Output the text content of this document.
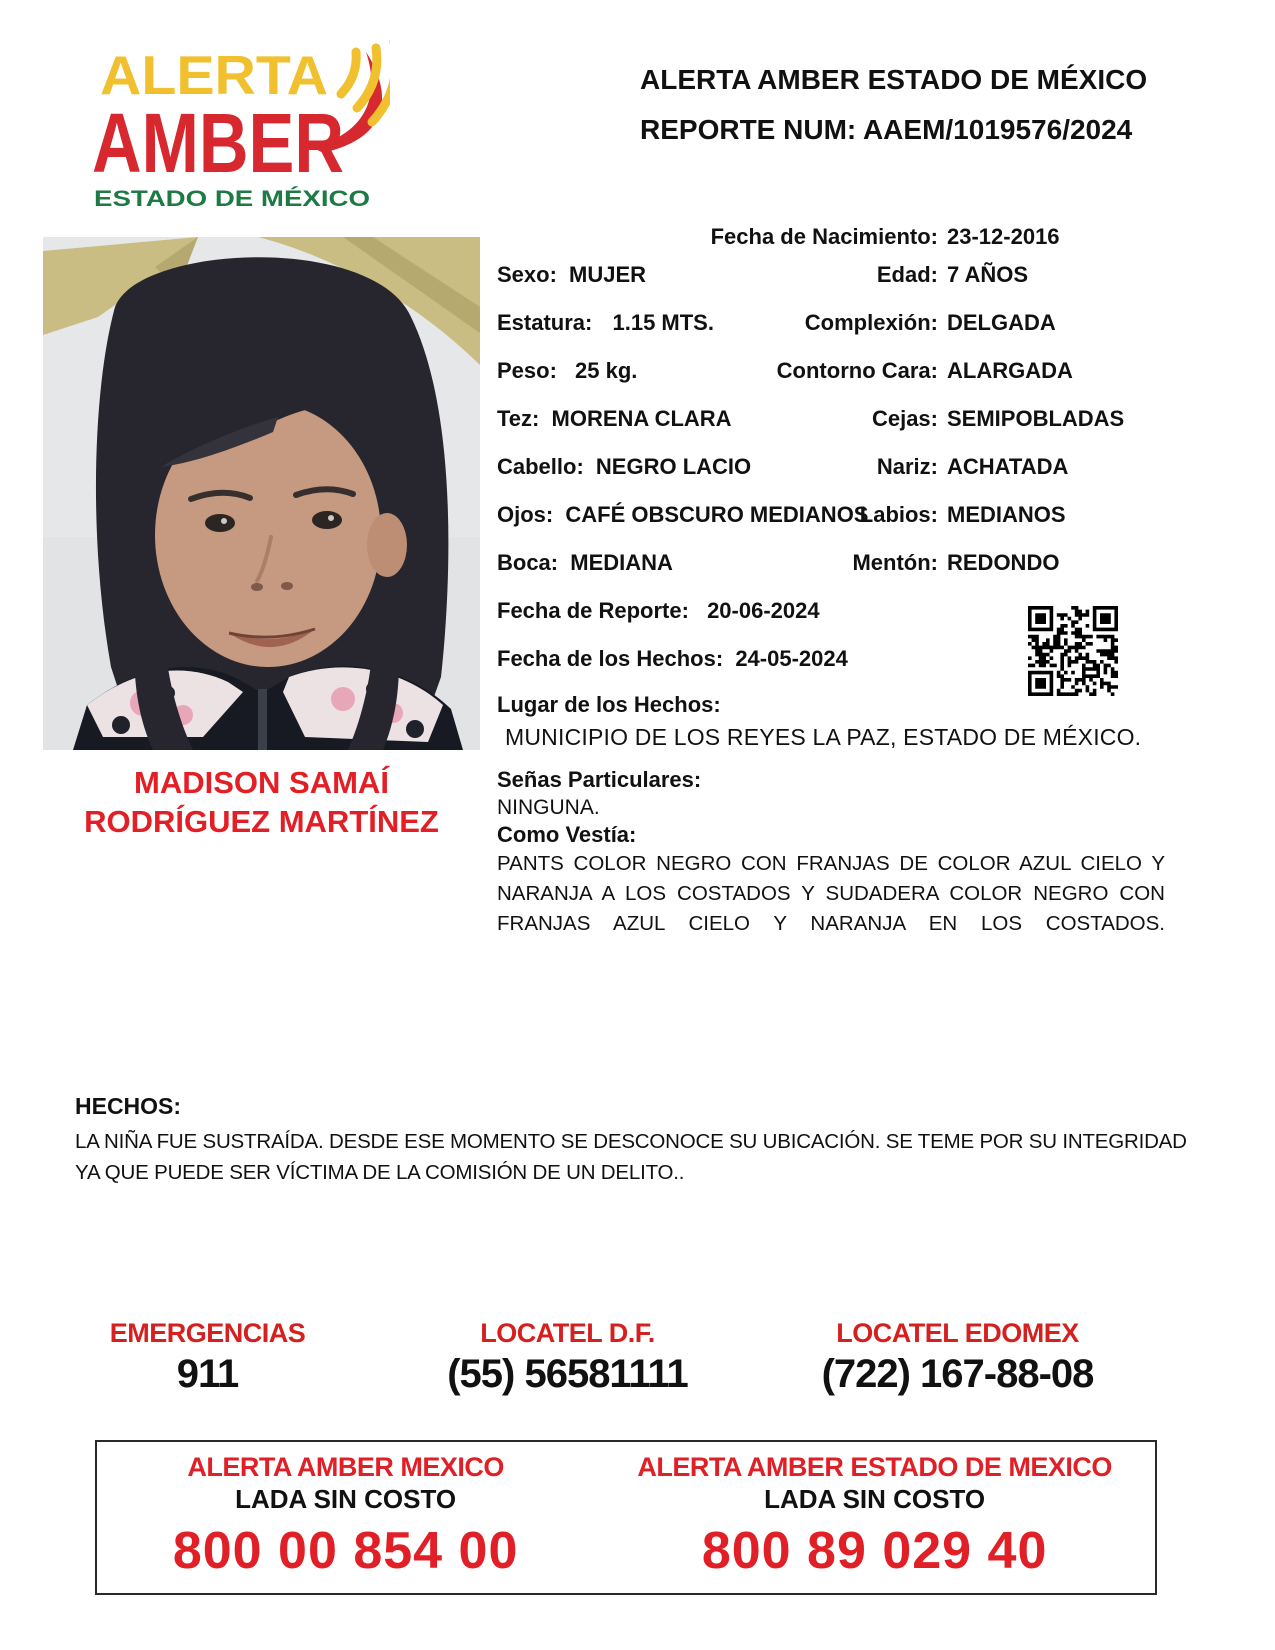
ALERTA
AMBER
ESTADO DE MÉXICO
ALERTA AMBER ESTADO DE MÉXICO
REPORTE NUM: AAEM/1019576/2024
MADISON SAMAÍ
RODRÍGUEZ MARTÍNEZ
Fecha de Nacimiento: 23-12-2016
Sexo: MUJER	Edad: 7 AÑOS
Estatura: 1.15 MTS.	Complexión: DELGADA
Peso: 25 kg.	Contorno Cara: ALARGADA
Tez: MORENA CLARA	Cejas: SEMIPOBLADAS
Cabello: NEGRO LACIO	Nariz: ACHATADA
Ojos: CAFÉ OBSCURO MEDIANOS
Labios: MEDIANOS
Boca: MEDIANA	Mentón: REDONDO
Fecha de Reporte: 20-06-2024
Fecha de los Hechos: 24-05-2024
Lugar de los Hechos:
MUNICIPIO DE LOS REYES LA PAZ, ESTADO DE MÉXICO.
Señas Particulares:
NINGUNA.
Como Vestía:
PANTS COLOR NEGRO CON FRANJAS DE COLOR AZUL CIELO Y NARANJA A LOS COSTADOS Y SUDADERA COLOR NEGRO CON FRANJAS AZUL CIELO Y NARANJA EN LOS COSTADOS.
HECHOS:
LA NIÑA FUE SUSTRAÍDA. DESDE ESE MOMENTO SE DESCONOCE SU UBICACIÓN. SE TEME POR SU INTEGRIDAD YA QUE PUEDE SER VÍCTIMA DE LA COMISIÓN DE UN DELITO..
EMERGENCIAS
911
LOCATEL D.F.
(55) 56581111
LOCATEL EDOMEX
(722) 167-88-08
ALERTA AMBER MEXICO
LADA SIN COSTO
800 00 854 00
ALERTA AMBER ESTADO DE MEXICO
LADA SIN COSTO
800 89 029 40
